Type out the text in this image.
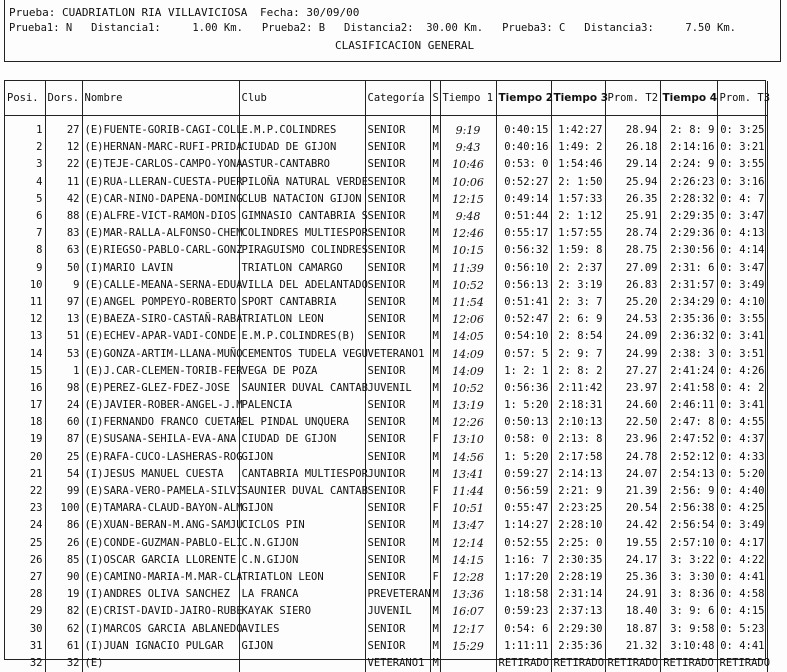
Prueba: CUADRIATLON RIA VILLAVICIOSA Fecha: 30/09/00
Prueba1: N   Distancia1:     1.00 Km.   Prueba2: B   Distancia2:  30.00 Km.   Prueba3: C   Distancia3:     7.50 Km.
CLASIFICACION GENERAL
Posi.	Dors.	Nombre	Club	Categoría	S	Tiempo 1	Tiempo 2	Tiempo 3	Prom. T2	Tiempo 4	Prom. T3

1	27	(E)FUENTE-GORIB-CAGI-COLL	E.M.P.COLINDRES	SENIOR	M	9:19	0:40:15	1:42:27	28.94	2: 8: 9	0: 3:25
2	12	(E)HERNAN-MARC-RUFI-PRIDA	CIUDAD DE GIJON	SENIOR	M	9:43	0:40:16	1:49: 2	26.18	2:14:16	0: 3:21
3	22	(E)TEJE-CARLOS-CAMPO-YONA	ASTUR-CANTABRO	SENIOR	M	10:46	0:53: 0	1:54:46	29.14	2:24: 9	0: 3:55
4	11	(E)RUA-LLERAN-CUESTA-PUER	PILOÑA NATURAL VERDE	SENIOR	M	10:06	0:52:27	2: 1:50	25.94	2:26:23	0: 3:16
5	42	(E)CAR-NINO-DAPENA-DOMING	CLUB NATACION GIJON	SENIOR	M	12:15	0:49:14	1:57:33	26.35	2:28:32	0: 4: 7
6	88	(E)ALFRE-VICT-RAMON-DIOS	GIMNASIO CANTABRIA S	SENIOR	M	9:48	0:51:44	2: 1:12	25.91	2:29:35	0: 3:47
7	83	(E)MAR-RALLA-ALFONSO-CHEM	COLINDRES MULTIESPOR	SENIOR	M	12:46	0:55:17	1:57:55	28.74	2:29:36	0: 4:13
8	63	(E)RIEGSO-PABLO-CARL-GONZ	PIRAGUISMO COLINDRES	SENIOR	M	10:15	0:56:32	1:59: 8	28.75	2:30:56	0: 4:14
9	50	(I)MARIO LAVIN	TRIATLON CAMARGO	SENIOR	M	11:39	0:56:10	2: 2:37	27.09	2:31: 6	0: 3:47
10	9	(E)CALLE-MEANA-SERNA-EDUA	VILLA DEL ADELANTADO	SENIOR	M	10:52	0:56:13	2: 3:19	26.83	2:31:57	0: 3:49
11	97	(E)ANGEL POMPEYO-ROBERTO	SPORT CANTABRIA	SENIOR	M	11:54	0:51:41	2: 3: 7	25.20	2:34:29	0: 4:10
12	13	(E)BAEZA-SIRO-CASTAÑ-RABA	TRIATLON LEON	SENIOR	M	12:06	0:52:47	2: 6: 9	24.53	2:35:36	0: 3:55
13	51	(E)ECHEV-APAR-VADI-CONDE	E.M.P.COLINDRES(B)	SENIOR	M	14:05	0:54:10	2: 8:54	24.09	2:36:32	0: 3:41
14	53	(E)GONZA-ARTIM-LLANA-MUÑO	CEMENTOS TUDELA VEGU	VETERANO1	M	14:09	0:57: 5	2: 9: 7	24.99	2:38: 3	0: 3:51
15	1	(E)J.CAR-CLEMEN-TORIB-FER	VEGA DE POZA	SENIOR	M	14:09	1: 2: 1	2: 8: 2	27.27	2:41:24	0: 4:26
16	98	(E)PEREZ-GLEZ-FDEZ-JOSE	SAUNIER DUVAL CANTAB	JUVENIL	M	10:52	0:56:36	2:11:42	23.97	2:41:58	0: 4: 2
17	24	(E)JAVIER-ROBER-ANGEL-J.M	PALENCIA	SENIOR	M	13:19	1: 5:20	2:18:31	24.60	2:46:11	0: 3:41
18	60	(I)FERNANDO FRANCO CUETAR	EL PINDAL UNQUERA	SENIOR	M	12:26	0:50:13	2:10:13	22.50	2:47: 8	0: 4:55
19	87	(E)SUSANA-SEHILA-EVA-ANA	CIUDAD DE GIJON	SENIOR	F	13:10	0:58: 0	2:13: 8	23.96	2:47:52	0: 4:37
20	25	(E)RAFA-CUCO-LASHERAS-ROG	GIJON	SENIOR	M	14:56	1: 5:20	2:17:58	24.78	2:52:12	0: 4:33
21	54	(I)JESUS MANUEL CUESTA	CANTABRIA MULTIESPOR	JUNIOR	M	13:41	0:59:27	2:14:13	24.07	2:54:13	0: 5:20
22	99	(E)SARA-VERO-PAMELA-SILVI	SAUNIER DUVAL CANTAB	SENIOR	F	11:44	0:56:59	2:21: 9	21.39	2:56: 9	0: 4:40
23	100	(E)TAMARA-CLAUD-BAYON-ALM	GIJON	SENIOR	F	10:51	0:55:47	2:23:25	20.54	2:56:38	0: 4:25
24	86	(E)XUAN-BERAN-M.ANG-SAMJU	CICLOS PIN	SENIOR	M	13:47	1:14:27	2:28:10	24.42	2:56:54	0: 3:49
25	26	(E)CONDE-GUZMAN-PABLO-ELI	C.N.GIJON	SENIOR	M	12:14	0:52:55	2:25: 0	19.55	2:57:10	0: 4:17
26	85	(I)OSCAR GARCIA LLORENTE	C.N.GIJON	SENIOR	M	14:15	1:16: 7	2:30:35	24.17	3: 3:22	0: 4:22
27	90	(E)CAMINO-MARIA-M.MAR-CLA	TRIATLON LEON	SENIOR	F	12:28	1:17:20	2:28:19	25.36	3: 3:30	0: 4:41
28	19	(I)ANDRES OLIVA SANCHEZ	LA FRANCA	PREVETERAN	M	13:36	1:18:58	2:31:14	24.91	3: 8:36	0: 4:58
29	82	(E)CRIST-DAVID-JAIRO-RUBE	KAYAK SIERO	JUVENIL	M	16:07	0:59:23	2:37:13	18.40	3: 9: 6	0: 4:15
30	62	(I)MARCOS GARCIA ABLANEDO	AVILES	SENIOR	M	12:17	0:54: 6	2:29:30	18.87	3: 9:58	0: 5:23
31	61	(I)JUAN IGNACIO PULGAR	GIJON	SENIOR	M	15:29	1:11:11	2:35:36	21.32	3:10:48	0: 4:41
32	32	(E)		VETERANO1	M		RETIRADO	RETIRADO	RETIRADO	RETIRADO	RETIRADO
